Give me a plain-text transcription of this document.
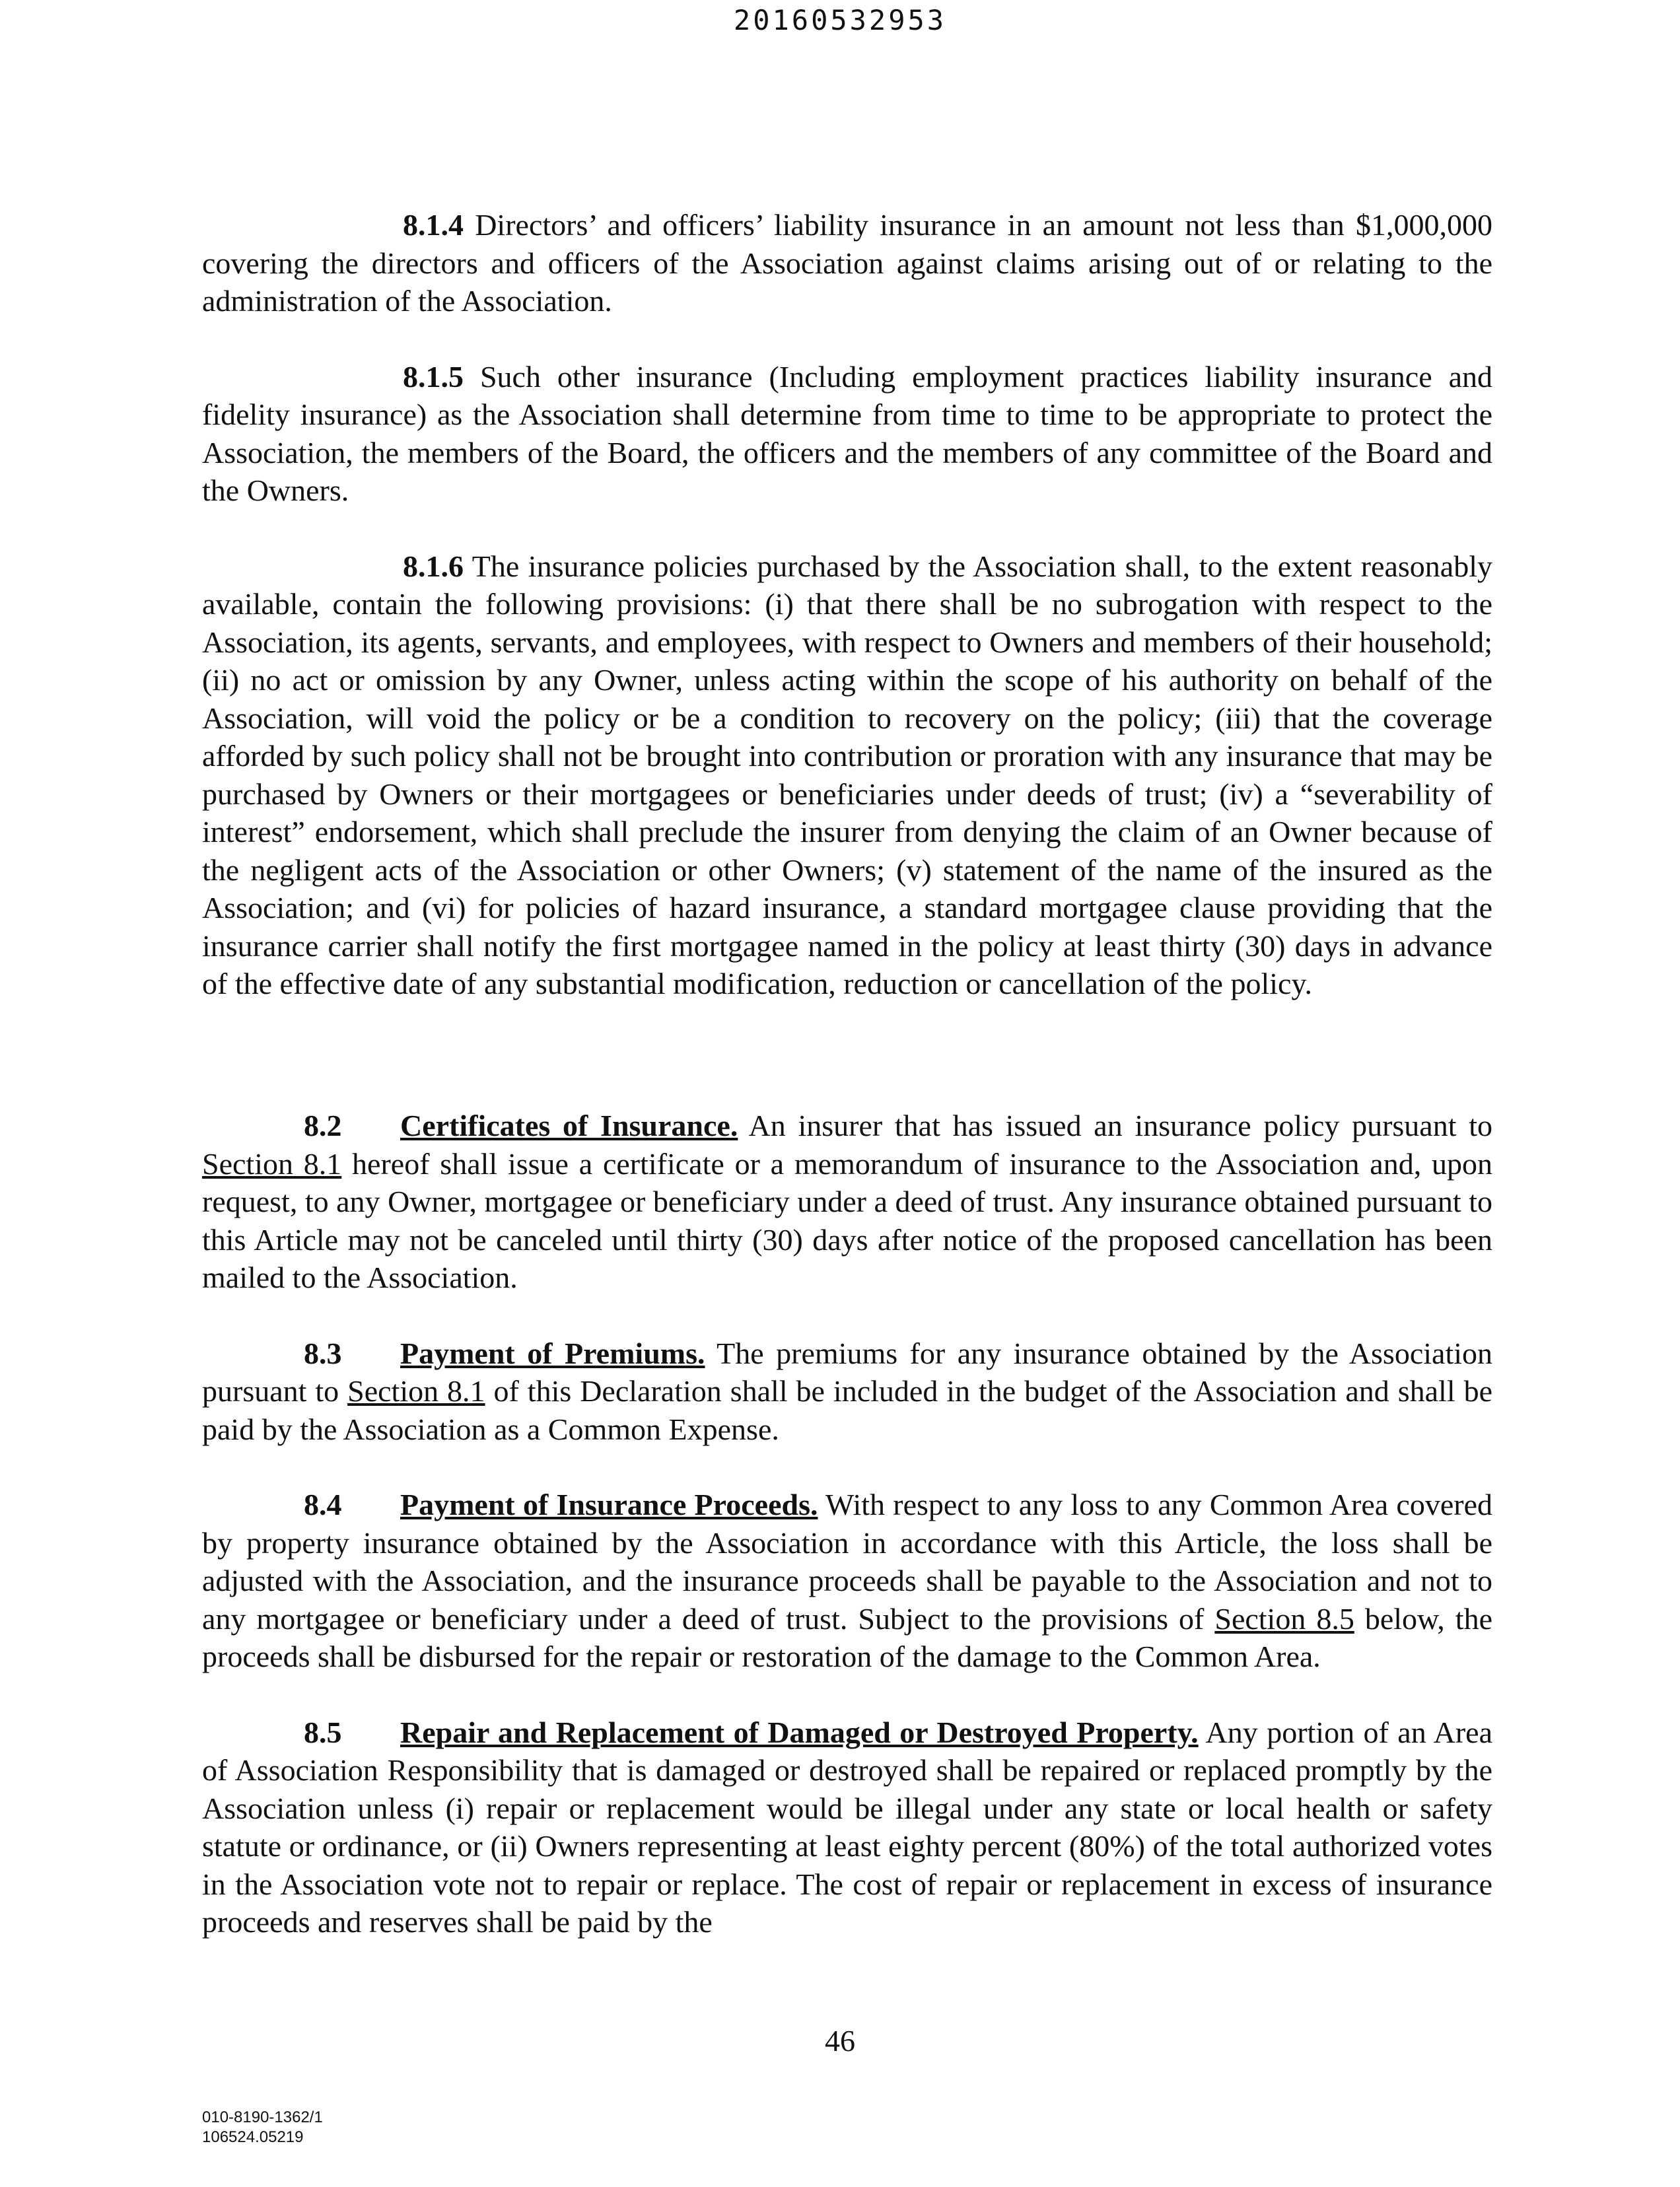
20160532953

8.1.4 Directors’ and officers’ liability insurance in an amount not less than $1,000,000 covering the directors and officers of the Association against claims arising out of or relating to the administration of the Association.

8.1.5 Such other insurance (Including employment practices liability insurance and fidelity insurance) as the Association shall determine from time to time to be appropriate to protect the Association, the members of the Board, the officers and the members of any committee of the Board and the Owners.

8.1.6 The insurance policies purchased by the Association shall, to the extent reasonably available, contain the following provisions: (i) that there shall be no subrogation with respect to the Association, its agents, servants, and employees, with respect to Owners and members of their household; (ii) no act or omission by any Owner, unless acting within the scope of his authority on behalf of the Association, will void the policy or be a condition to recovery on the policy; (iii) that the coverage afforded by such policy shall not be brought into contribution or proration with any insurance that may be purchased by Owners or their mortgagees or beneficiaries under deeds of trust; (iv) a “severability of interest” endorsement, which shall preclude the insurer from denying the claim of an Owner because of the negligent acts of the Association or other Owners; (v) statement of the name of the insured as the Association; and (vi) for policies of hazard insurance, a standard mortgagee clause providing that the insurance carrier shall notify the first mortgagee named in the policy at least thirty (30) days in advance of the effective date of any substantial modification, reduction or cancellation of the policy.

8.2 Certificates of Insurance. An insurer that has issued an insurance policy pursuant to Section 8.1 hereof shall issue a certificate or a memorandum of insurance to the Association and, upon request, to any Owner, mortgagee or beneficiary under a deed of trust. Any insurance obtained pursuant to this Article may not be canceled until thirty (30) days after notice of the proposed cancellation has been mailed to the Association.

8.3 Payment of Premiums. The premiums for any insurance obtained by the Association pursuant to Section 8.1 of this Declaration shall be included in the budget of the Association and shall be paid by the Association as a Common Expense.

8.4 Payment of Insurance Proceeds. With respect to any loss to any Common Area covered by property insurance obtained by the Association in accordance with this Article, the loss shall be adjusted with the Association, and the insurance proceeds shall be payable to the Association and not to any mortgagee or beneficiary under a deed of trust. Subject to the provisions of Section 8.5 below, the proceeds shall be disbursed for the repair or restoration of the damage to the Common Area.

8.5 Repair and Replacement of Damaged or Destroyed Property. Any portion of an Area of Association Responsibility that is damaged or destroyed shall be repaired or replaced promptly by the Association unless (i) repair or replacement would be illegal under any state or local health or safety statute or ordinance, or (ii) Owners representing at least eighty percent (80%) of the total authorized votes in the Association vote not to repair or replace. The cost of repair or replacement in excess of insurance proceeds and reserves shall be paid by the

46
010-8190-1362/1
106524.05219
